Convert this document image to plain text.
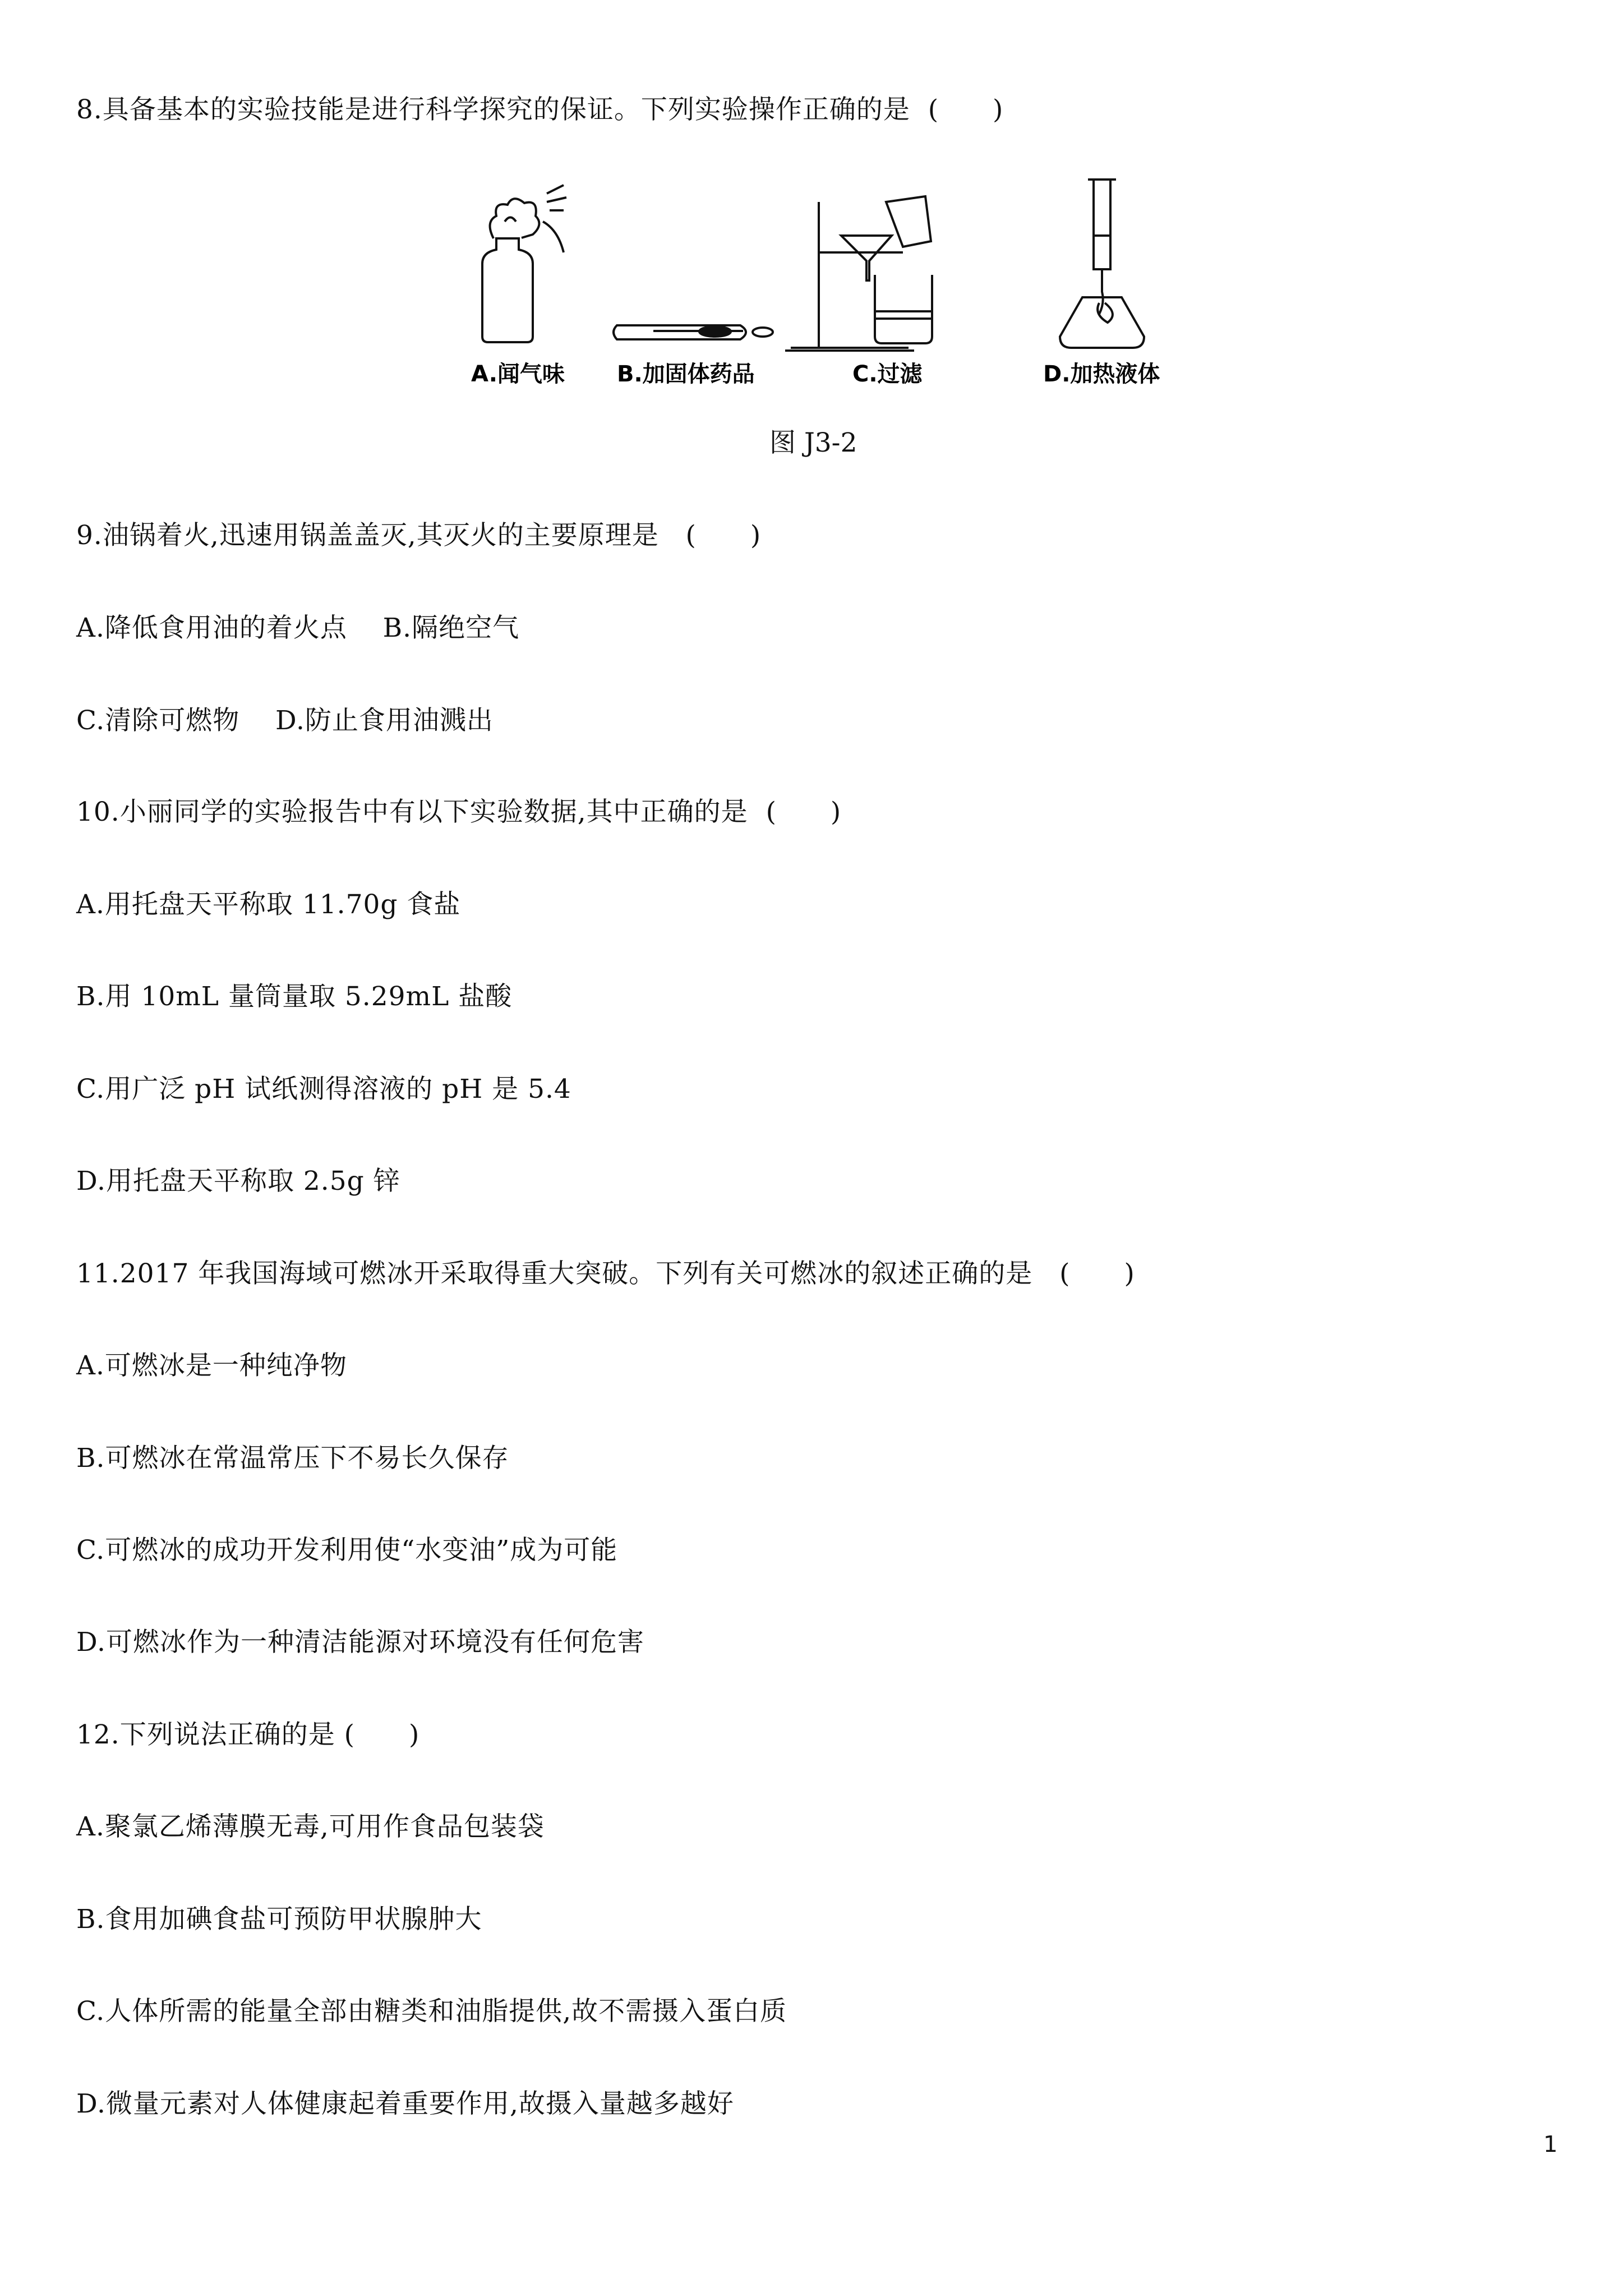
8.具备基本的实验技能是进行科学探究的保证。下列实验操作正确的是  (　　)
A.闻气味 B.加固体药品	C.过滤	D.加热液体
图 J3-2
9.油锅着火,迅速用锅盖盖灭,其灭火的主要原理是   (　　)
A.降低食用油的着火点    B.隔绝空气
C.清除可燃物    D.防止食用油溅出
10.小丽同学的实验报告中有以下实验数据,其中正确的是  (　　)
A.用托盘天平称取 11.70g 食盐
B.用 10mL 量筒量取 5.29mL 盐酸
C.用广泛 pH 试纸测得溶液的 pH 是 5.4
D.用托盘天平称取 2.5g 锌
11.2017 年我国海域可燃冰开采取得重大突破。下列有关可燃冰的叙述正确的是   (　　)
A.可燃冰是一种纯净物
B.可燃冰在常温常压下不易长久保存
C.可燃冰的成功开发利用使“水变油”成为可能
D.可燃冰作为一种清洁能源对环境没有任何危害
12.下列说法正确的是 (　　)
A.聚氯乙烯薄膜无毒,可用作食品包装袋
B.食用加碘食盐可预防甲状腺肿大
C.人体所需的能量全部由糖类和油脂提供,故不需摄入蛋白质
D.微量元素对人体健康起着重要作用,故摄入量越多越好
1
